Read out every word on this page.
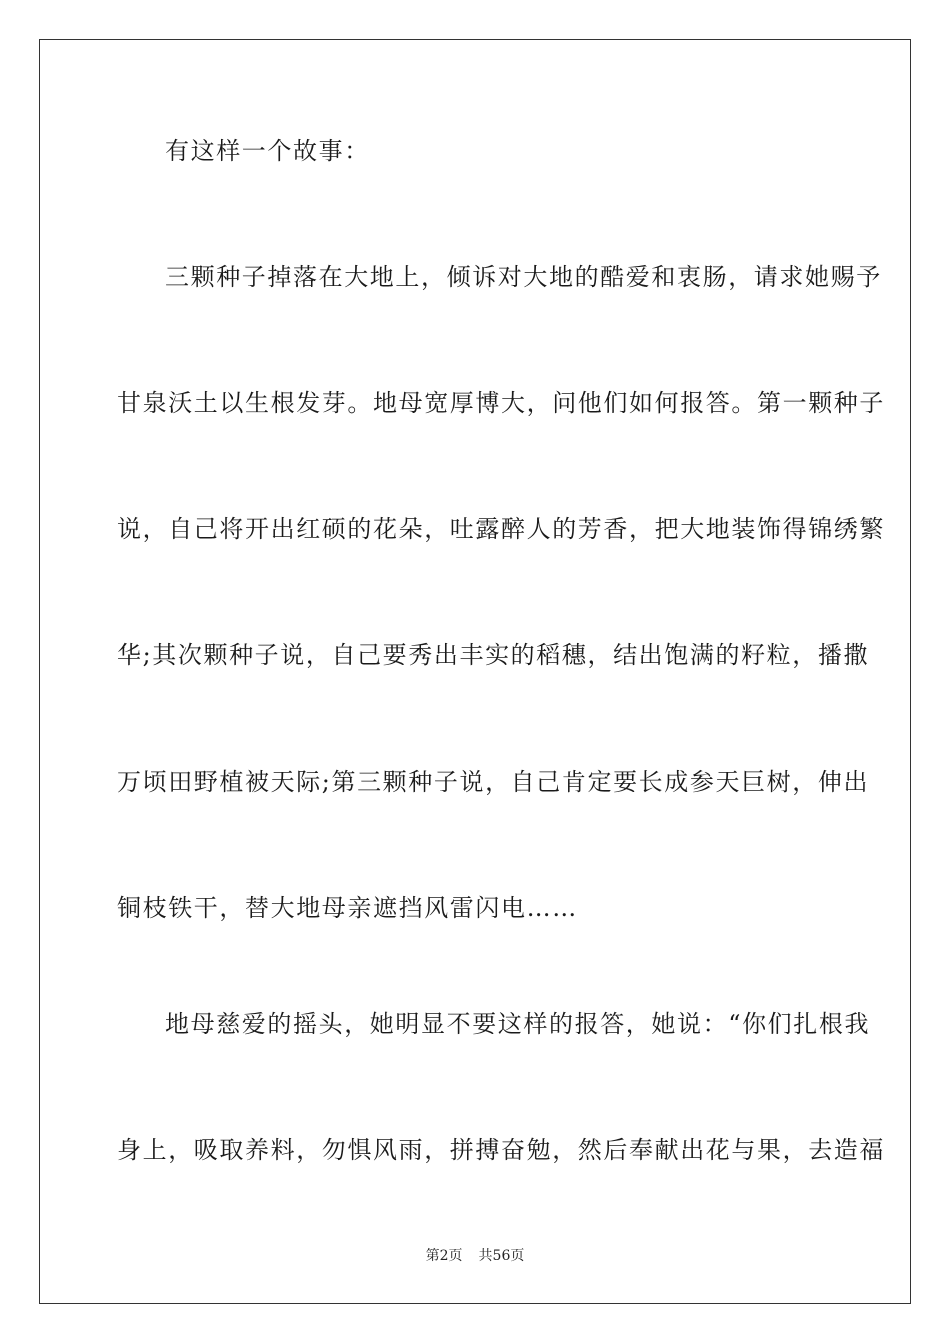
有这样一个故事：
三颗种子掉落在大地上，倾诉对大地的酷爱和衷肠，请求她赐予
甘泉沃土以生根发芽。地母宽厚博大，问他们如何报答。第一颗种子
说，自己将开出红硕的花朵，吐露醉人的芳香，把大地装饰得锦绣繁
华;其次颗种子说，自己要秀出丰实的稻穗，结出饱满的籽粒，播撒
万顷田野植被天际;第三颗种子说，自己肯定要长成参天巨树，伸出
铜枝铁干，替大地母亲遮挡风雷闪电……
地母慈爱的摇头，她明显不要这样的报答，她说：“你们扎根我
身上，吸取养料，勿惧风雨，拼搏奋勉，然后奉献出花与果，去造福
第2页 共56页
